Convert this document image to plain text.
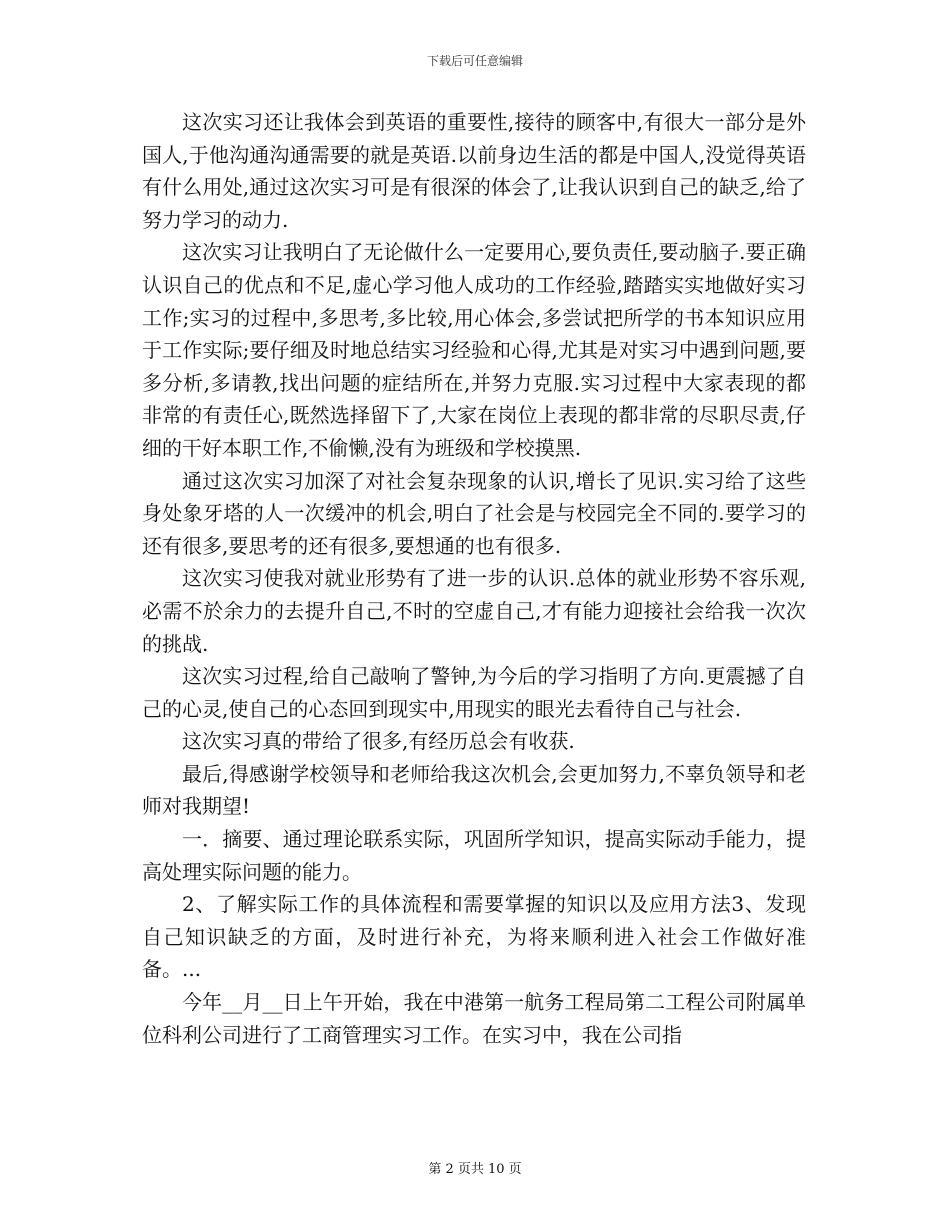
下载后可任意编辑

这次实习还让我体会到英语的重要性,接待的顾客中,有很大一部分是外国人,于他沟通沟通需要的就是英语.以前身边生活的都是中国人,没觉得英语有什么用处,通过这次实习可是有很深的体会了,让我认识到自己的缺乏,给了努力学习的动力.

这次实习让我明白了无论做什么一定要用心,要负责任,要动脑子.要正确认识自己的优点和不足,虚心学习他人成功的工作经验,踏踏实实地做好实习工作;实习的过程中,多思考,多比较,用心体会,多尝试把所学的书本知识应用于工作实际;要仔细及时地总结实习经验和心得,尤其是对实习中遇到问题,要多分析,多请教,找出问题的症结所在,并努力克服.实习过程中大家表现的都非常的有责任心,既然选择留下了,大家在岗位上表现的都非常的尽职尽责,仔细的干好本职工作,不偷懒,没有为班级和学校摸黑.

通过这次实习加深了对社会复杂现象的认识,增长了见识.实习给了这些身处象牙塔的人一次缓冲的机会,明白了社会是与校园完全不同的.要学习的还有很多,要思考的还有很多,要想通的也有很多.

这次实习使我对就业形势有了进一步的认识.总体的就业形势不容乐观,必需不於余力的去提升自己,不时的空虚自己,才有能力迎接社会给我一次次的挑战.

这次实习过程,给自己敲响了警钟,为今后的学习指明了方向.更震撼了自己的心灵,使自己的心态回到现实中,用现实的眼光去看待自己与社会.

这次实习真的带给了很多,有经历总会有收获.

最后,得感谢学校领导和老师给我这次机会,会更加努力,不辜负领导和老师对我期望!

一．摘要、通过理论联系实际，巩固所学知识，提高实际动手能力，提高处理实际问题的能力。

2、了解实际工作的具体流程和需要掌握的知识以及应用方法3、发现自己知识缺乏的方面，及时进行补充，为将来顺利进入社会工作做好准备。...

今年__月__日上午开始，我在中港第一航务工程局第二工程公司附属单位科利公司进行了工商管理实习工作。在实习中，我在公司指

第 2 页共 10 页
